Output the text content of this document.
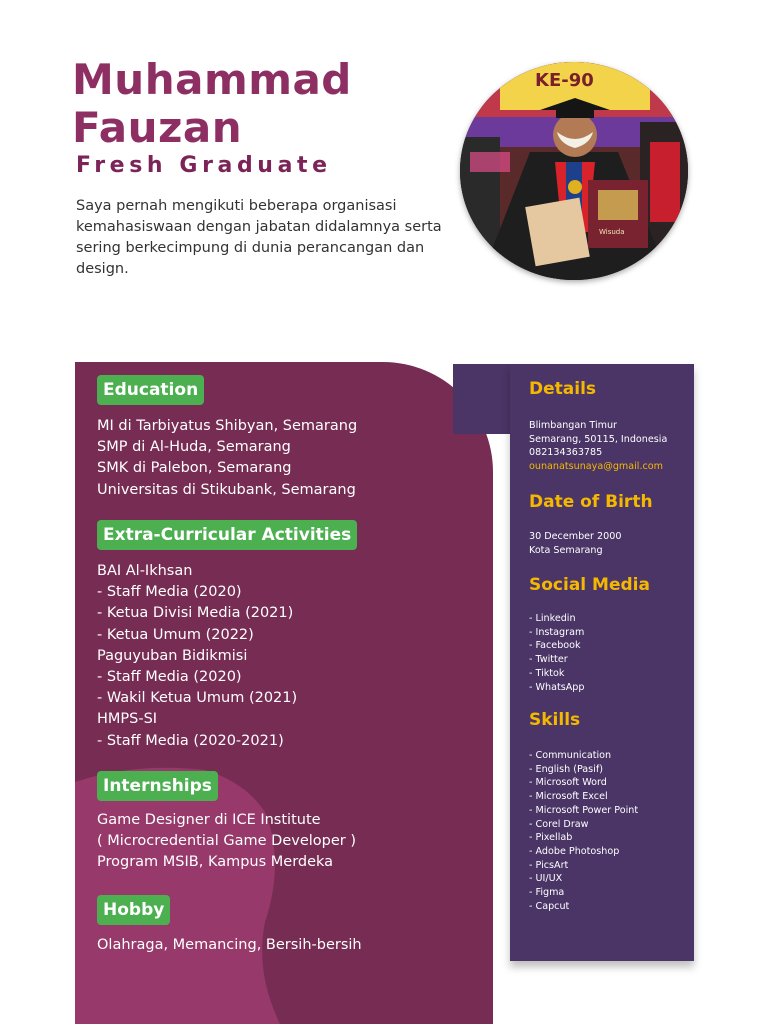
Muhammad
Fauzan
Fresh Graduate
Saya pernah mengikuti beberapa organisasi kemahasiswaan dengan jabatan didalamnya serta sering berkecimpung di dunia perancangan dan design.
KE-90
Wisuda
Education
MI di Tarbiyatus Shibyan, Semarang
SMP di Al-Huda, Semarang
SMK di Palebon, Semarang
Universitas di Stikubank, Semarang
Extra-Curricular Activities
BAI Al-Ikhsan
- Staff Media (2020)
- Ketua Divisi Media (2021)
- Ketua Umum (2022)
Paguyuban Bidikmisi
- Staff Media (2020)
- Wakil Ketua Umum (2021)
HMPS-SI
- Staff Media (2020-2021)
Internships
Game Designer di ICE Institute
( Microcredential Game Developer )
Program MSIB, Kampus Merdeka
Hobby
Olahraga, Memancing, Bersih-bersih
Details
Blimbangan Timur
Semarang, 50115, Indonesia
082134363785
ounanatsunaya@gmail.com
Date of Birth
30 December 2000
Kota Semarang
Social Media
- Linkedin
- Instagram
- Facebook
- Twitter
- Tiktok
- WhatsApp
Skills
- Communication
- English (Pasif)
- Microsoft Word
- Microsoft Excel
- Microsoft Power Point
- Corel Draw
- Pixellab
- Adobe Photoshop
- PicsArt
- UI/UX
- Figma
- Capcut
